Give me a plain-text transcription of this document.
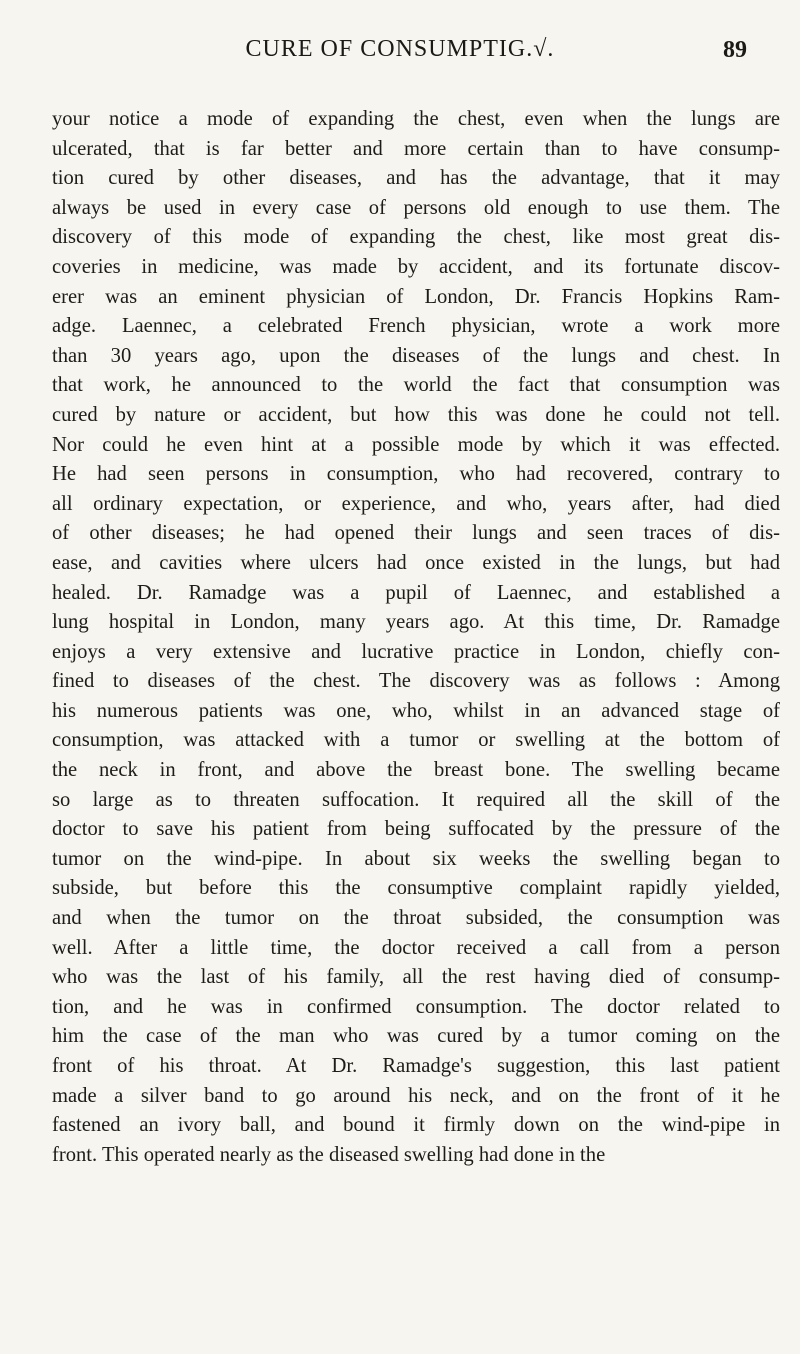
CURE OF CONSUMPTIG.√.	89
your notice a mode of expanding the chest, even when the lungs are
ulcerated, that is far better and more certain than to have consump-
tion cured by other diseases, and has the advantage, that it may
always be used in every case of persons old enough to use them. The
discovery of this mode of expanding the chest, like most great dis-
coveries in medicine, was made by accident, and its fortunate discov-
erer was an eminent physician of London, Dr. Francis Hopkins Ram-
adge. Laennec, a celebrated French physician, wrote a work more
than 30 years ago, upon the diseases of the lungs and chest. In
that work, he announced to the world the fact that consumption was
cured by nature or accident, but how this was done he could not tell.
Nor could he even hint at a possible mode by which it was effected.
He had seen persons in consumption, who had recovered, contrary to
all ordinary expectation, or experience, and who, years after, had died
of other diseases; he had opened their lungs and seen traces of dis-
ease, and cavities where ulcers had once existed in the lungs, but had
healed. Dr. Ramadge was a pupil of Laennec, and established a
lung hospital in London, many years ago. At this time, Dr. Ramadge
enjoys a very extensive and lucrative practice in London, chiefly con-
fined to diseases of the chest. The discovery was as follows : Among
his numerous patients was one, who, whilst in an advanced stage of
consumption, was attacked with a tumor or swelling at the bottom of
the neck in front, and above the breast bone. The swelling became
so large as to threaten suffocation. It required all the skill of the
doctor to save his patient from being suffocated by the pressure of the
tumor on the wind-pipe. In about six weeks the swelling began to
subside, but before this the consumptive complaint rapidly yielded,
and when the tumor on the throat subsided, the consumption was
well. After a little time, the doctor received a call from a person
who was the last of his family, all the rest having died of consump-
tion, and he was in confirmed consumption. The doctor related to
him the case of the man who was cured by a tumor coming on the
front of his throat. At Dr. Ramadge's suggestion, this last patient
made a silver band to go around his neck, and on the front of it he
fastened an ivory ball, and bound it firmly down on the wind-pipe in
front. This operated nearly as the diseased swelling had done in the
